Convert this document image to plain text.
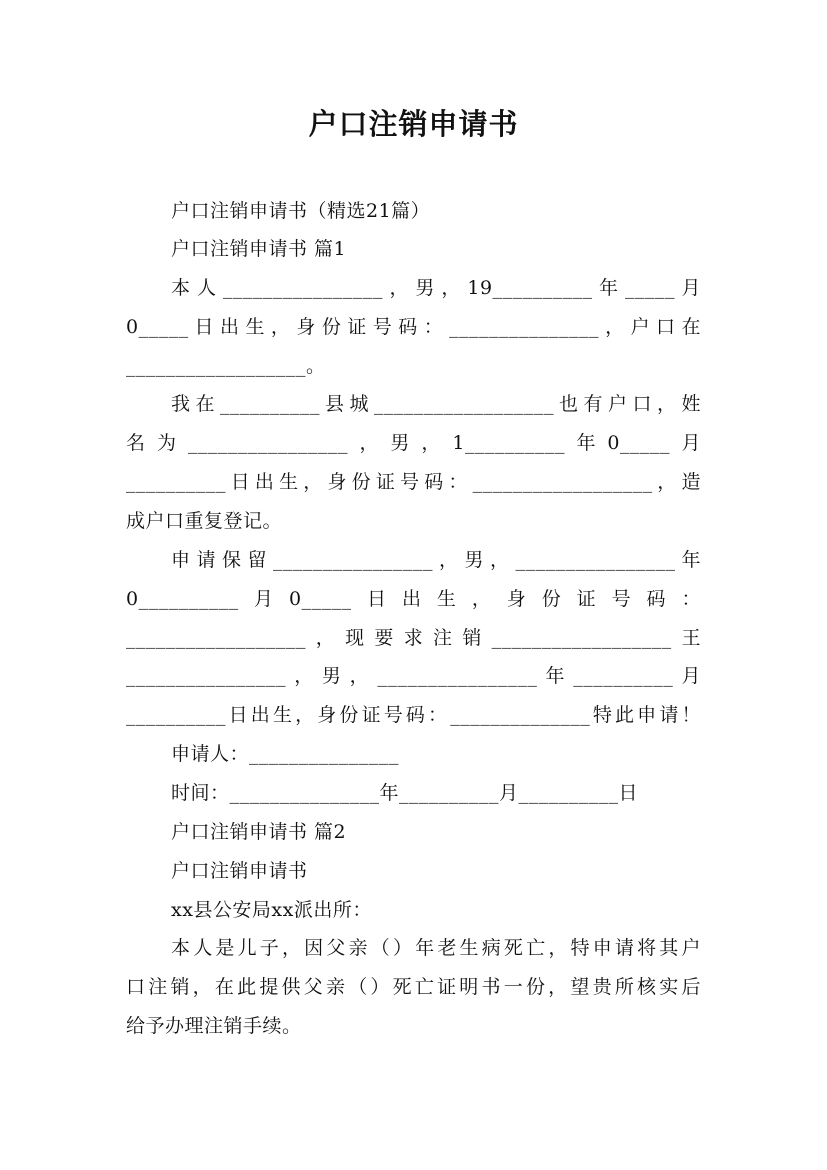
户口注销申请书
户口注销申请书（精选21篇）
户口注销申请书 篇1
本人________________，男，19__________年_____月
0_____日出生，身份证号码：_______________，户口在
__________________。
我在__________县城__________________也有户口，姓
名为________________，男，1__________年0_____月
__________日出生，身份证号码：__________________，造
成户口重复登记。
申请保留________________，男，________________年
0__________月0_____日出生，身份证号码：
__________________，现要求注销__________________王
________________，男，________________年__________月
__________日出生，身份证号码：______________特此申请！
申请人：_______________
时间：_______________年__________月__________日
户口注销申请书 篇2
户口注销申请书
xx县公安局xx派出所：
本人是儿子，因父亲（）年老生病死亡，特申请将其户
口注销，在此提供父亲（）死亡证明书一份，望贵所核实后
给予办理注销手续。
